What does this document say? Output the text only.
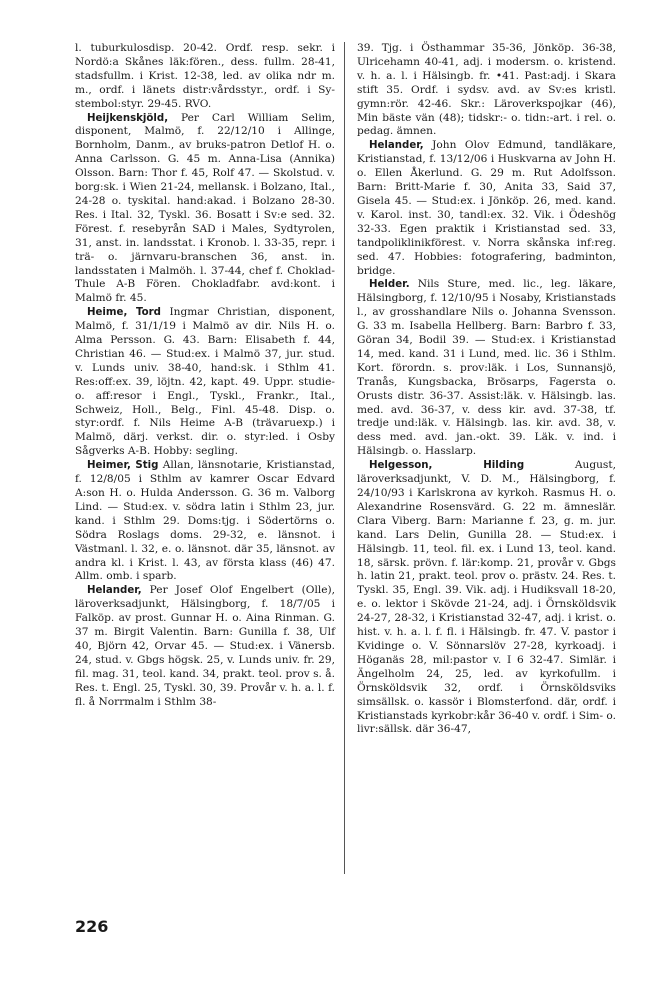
l. tuburkulosdisp. 20-42. Ordf. resp. sekr. i Nordö:a Skånes läk:fören., dess. fullm. 28-41, stadsfullm. i Krist. 12-38, led. av olika ndr m. m., ordf. i länets distr:vårdsstyr., ordf. i Sy-stembol:styr. 29-45. RVO.

Heijkenskjöld, Per Carl William Selim, disponent, Malmö, f. 22/12/10 i Allinge, Bornholm, Danm., av bruks-patron Detlof H. o. Anna Carlsson. G. 45 m. Anna-Lisa (Annika) Olsson. Barn: Thor f. 45, Rolf 47. — Skolstud. v. borg:sk. i Wien 21-24, mellansk. i Bolzano, Ital., 24-28 o. tyskital. hand:akad. i Bolzano 28-30. Res. i Ital. 32, Tyskl. 36. Bosatt i Sv:e sed. 32. Förest. f. resebyrån SAD i Males, Sydtyrolen, 31, anst. in. landsstat. i Kronob. l. 33-35, repr. i trä- o. järnvaru-branschen 36, anst. in. landsstaten i Malmöh. l. 37-44, chef f. Choklad-Thule A-B Fören. Chokladfabr. avd:kont. i Malmö fr. 45.

Heime, Tord Ingmar Christian, disponent, Malmö, f. 31/1/19 i Malmö av dir. Nils H. o. Alma Persson. G. 43. Barn: Elisabeth f. 44, Christian 46. — Stud:ex. i Malmö 37, jur. stud. v. Lunds univ. 38-40, hand:sk. i Sthlm 41. Res:off:ex. 39, löjtn. 42, kapt. 49. Uppr. studie- o. aff:resor i Engl., Tyskl., Frankr., Ital., Schweiz, Holl., Belg., Finl. 45-48. Disp. o. styr:ordf. f. Nils Heime A-B (trävaruexp.) i Malmö, därj. verkst. dir. o. styr:led. i Osby Sågverks A-B. Hobby: segling.

Heimer, Stig Allan, länsnotarie, Kristianstad, f. 12/8/05 i Sthlm av kamrer Oscar Edvard A:son H. o. Hulda Andersson. G. 36 m. Valborg Lind. — Stud:ex. v. södra latin i Sthlm 23, jur. kand. i Sthlm 29. Doms:tjg. i Södertörns o. Södra Roslags doms. 29-32, e. länsnot. i Västmanl. l. 32, e. o. länsnot. där 35, länsnot. av andra kl. i Krist. l. 43, av första klass (46) 47. Allm. omb. i sparb.

Helander, Per Josef Olof Engelbert (Olle), läroverksadjunkt, Hälsingborg, f. 18/7/05 i Falköp. av prost. Gunnar H. o. Aina Rinman. G. 37 m. Birgit Valentin. Barn: Gunilla f. 38, Ulf 40, Björn 42, Orvar 45. — Stud:ex. i Vänersb. 24, stud. v. Gbgs högsk. 25, v. Lunds univ. fr. 29, fil. mag. 31, teol. kand. 34, prakt. teol. prov s. å. Res. t. Engl. 25, Tyskl. 30, 39. Provår v. h. a. l. f. fl. å Norrmalm i Sthlm 38-

39. Tjg. i Östhammar 35-36, Jönköp. 36-38, Ulricehamn 40-41, adj. i modersm. o. kristend. v. h. a. l. i Hälsingb. fr. •41. Past:adj. i Skara stift 35. Ordf. i sydsv. avd. av Sv:es kristl. gymn:rör. 42-46. Skr.: Läroverkspojkar (46), Min bäste vän (48); tidskr:- o. tidn:-art. i rel. o. pedag. ämnen.

Helander, John Olov Edmund, tandläkare, Kristianstad, f. 13/12/06 i Huskvarna av John H. o. Ellen Åkerlund. G. 29 m. Rut Adolfsson. Barn: Britt-Marie f. 30, Anita 33, Said 37, Gisela 45. — Stud:ex. i Jönköp. 26, med. kand. v. Karol. inst. 30, tandl:ex. 32. Vik. i Ödeshög 32-33. Egen praktik i Kristianstad sed. 33, tandpoliklinikförest. v. Norra skånska inf:reg. sed. 47. Hobbies: fotografering, badminton, bridge.

Helder. Nils Sture, med. lic., leg. läkare, Hälsingborg, f. 12/10/95 i Nosaby, Kristianstads l., av grosshandlare Nils o. Johanna Svensson. G. 33 m. Isabella Hellberg. Barn: Barbro f. 33, Göran 34, Bodil 39. — Stud:ex. i Kristianstad 14, med. kand. 31 i Lund, med. lic. 36 i Sthlm. Kort. förordn. s. prov:läk. i Los, Sunnansjö, Tranås, Kungsbacka, Brösarps, Fagersta o. Orusts distr. 36-37. Assist:läk. v. Hälsingb. las. med. avd. 36-37, v. dess kir. avd. 37-38, tf. tredje und:läk. v. Hälsingb. las. kir. avd. 38, v. dess med. avd. jan.-okt. 39. Läk. v. ind. i Hälsingb. o. Hasslarp.

Helgesson, Hilding August, läroverksadjunkt, V. D. M., Hälsingborg, f. 24/10/93 i Karlskrona av kyrkoh. Rasmus H. o. Alexandrine Rosensvärd. G. 22 m. ämneslär. Clara Viberg. Barn: Marianne f. 23, g. m. jur. kand. Lars Delin, Gunilla 28. — Stud:ex. i Hälsingb. 11, teol. fil. ex. i Lund 13, teol. kand. 18, särsk. prövn. f. lär:komp. 21, provår v. Gbgs h. latin 21, prakt. teol. prov o. prästv. 24. Res. t. Tyskl. 35, Engl. 39. Vik. adj. i Hudiksvall 18-20, e. o. lektor i Skövde 21-24, adj. i Örnsköldsvik 24-27, 28-32, i Kristianstad 32-47, adj. i krist. o. hist. v. h. a. l. f. fl. i Hälsingb. fr. 47. V. pastor i Kvidinge o. V. Sönnarslöv 27-28, kyrkoadj. i Höganäs 28, mil:pastor v. I 6 32-47. Simlär. i Ängelholm 24, 25, led. av kyrkofullm. i Örnsköldsvik 32, ordf. i Örnsköldsviks simsällsk. o. kassör i Blomsterfond. där, ordf. i Kristianstads kyrkobr:kår 36-40 v. ordf. i Sim- o. livr:sällsk. där 36-47,

226
